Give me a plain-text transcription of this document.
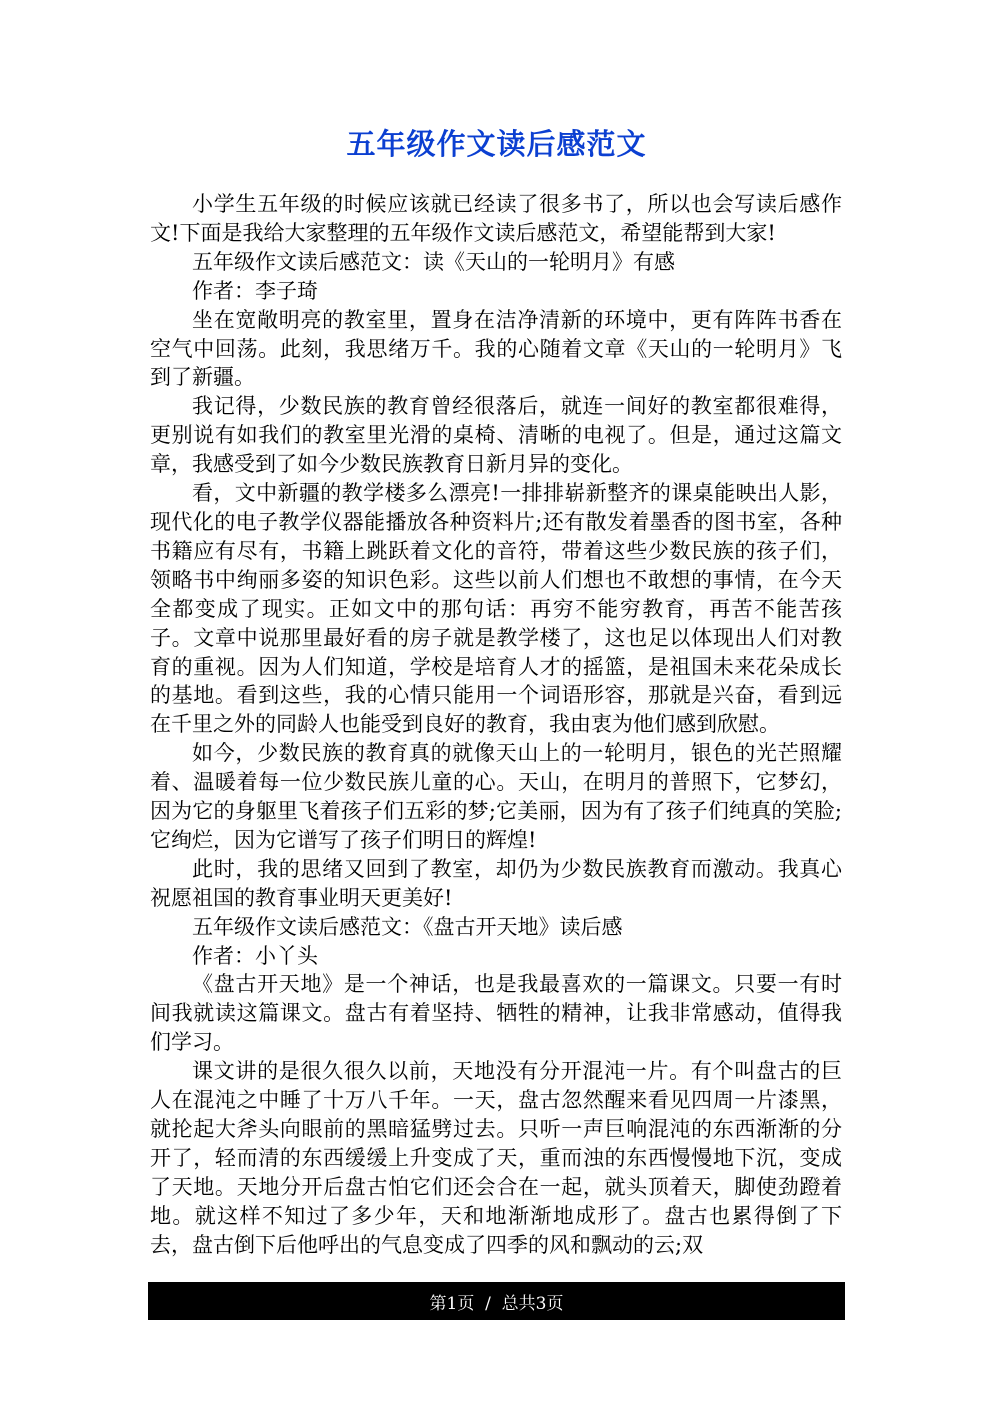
五年级作文读后感范文

小学生五年级的时候应该就已经读了很多书了，所以也会写读后感作文!下面是我给大家整理的五年级作文读后感范文，希望能帮到大家!

五年级作文读后感范文：读《天山的一轮明月》有感

作者：李子琦

坐在宽敞明亮的教室里，置身在洁净清新的环境中，更有阵阵书香在空气中回荡。此刻，我思绪万千。我的心随着文章《天山的一轮明月》飞到了新疆。

我记得，少数民族的教育曾经很落后，就连一间好的教室都很难得，更别说有如我们的教室里光滑的桌椅、清晰的电视了。但是，通过这篇文章，我感受到了如今少数民族教育日新月异的变化。

看，文中新疆的教学楼多么漂亮!一排排崭新整齐的课桌能映出人影，现代化的电子教学仪器能播放各种资料片;还有散发着墨香的图书室，各种书籍应有尽有，书籍上跳跃着文化的音符，带着这些少数民族的孩子们，领略书中绚丽多姿的知识色彩。这些以前人们想也不敢想的事情，在今天全都变成了现实。正如文中的那句话：再穷不能穷教育，再苦不能苦孩子。文章中说那里最好看的房子就是教学楼了，这也足以体现出人们对教育的重视。因为人们知道，学校是培育人才的摇篮，是祖国未来花朵成长的基地。看到这些，我的心情只能用一个词语形容，那就是兴奋，看到远在千里之外的同龄人也能受到良好的教育，我由衷为他们感到欣慰。

如今，少数民族的教育真的就像天山上的一轮明月，银色的光芒照耀着、温暖着每一位少数民族儿童的心。天山，在明月的普照下，它梦幻，因为它的身躯里飞着孩子们五彩的梦;它美丽，因为有了孩子们纯真的笑脸;它绚烂，因为它谱写了孩子们明日的辉煌!

此时，我的思绪又回到了教室，却仍为少数民族教育而激动。我真心祝愿祖国的教育事业明天更美好!

五年级作文读后感范文：《盘古开天地》读后感

作者：小丫头

《盘古开天地》是一个神话，也是我最喜欢的一篇课文。只要一有时间我就读这篇课文。盘古有着坚持、牺牲的精神，让我非常感动，值得我们学习。

课文讲的是很久很久以前，天地没有分开混沌一片。有个叫盘古的巨人在混沌之中睡了十万八千年。一天，盘古忽然醒来看见四周一片漆黑，就抡起大斧头向眼前的黑暗猛劈过去。只听一声巨响混沌的东西渐渐的分开了，轻而清的东西缓缓上升变成了天，重而浊的东西慢慢地下沉，变成了天地。天地分开后盘古怕它们还会合在一起，就头顶着天，脚使劲蹬着地。就这样不知过了多少年，天和地渐渐地成形了。盘古也累得倒了下去，盘古倒下后他呼出的气息变成了四季的风和飘动的云;双

第1页  /  总共3页
